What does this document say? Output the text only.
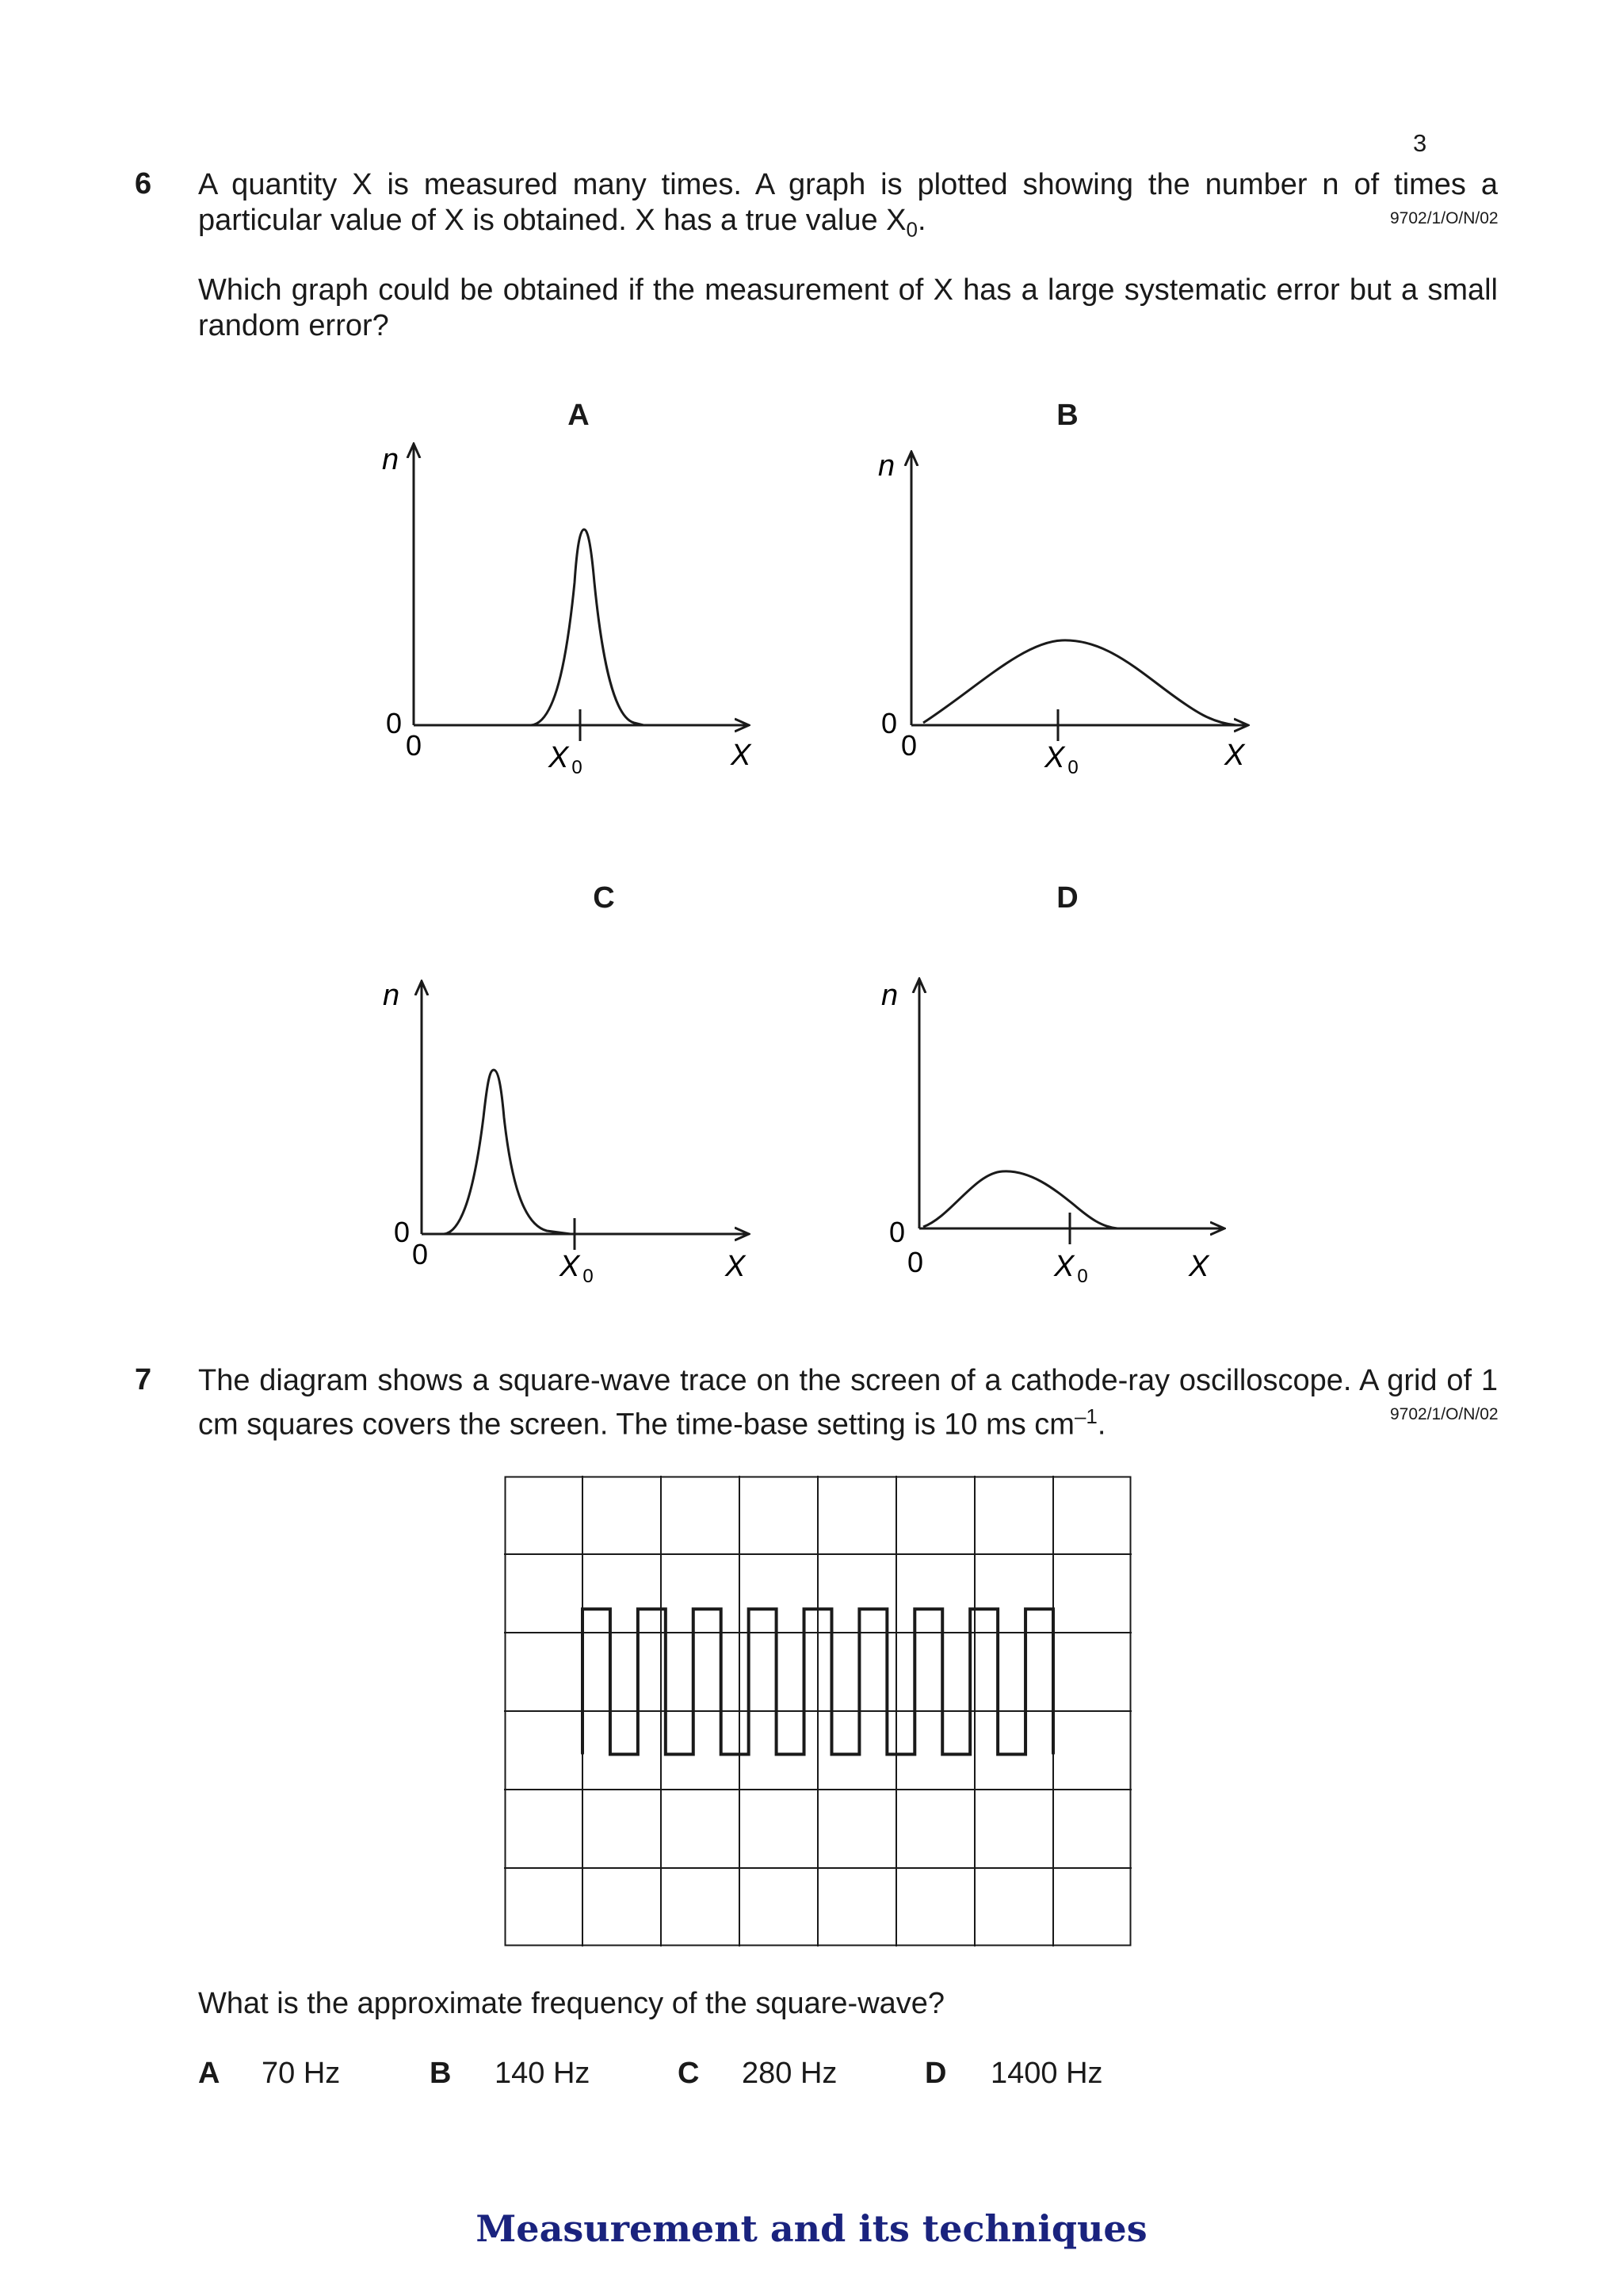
3
6 A quantity X is measured many times. A graph is plotted showing the number n of times a particular value of X is obtained. X has a true value $X_0$.	9702/1/O/N/02
Which graph could be obtained if the measurement of X has a large systematic error but a small random error?
A	B
C	D
n
0
0	X $_0$	X
n
0
0	X $_0$	X
n
0
0	X $_0$	X
n
0
0	X $_0$	X
7 The diagram shows a square-wave trace on the screen of a cathode-ray oscilloscope. A grid of 1 cm squares covers the screen. The time-base setting is 10 ms $cm^{-1}$.	9702/1/O/N/02
What is the approximate frequency of the square-wave?
A 70 Hz	B 140 Hz	C 280 Hz	D 1400 Hz
Measurement and its techniques
